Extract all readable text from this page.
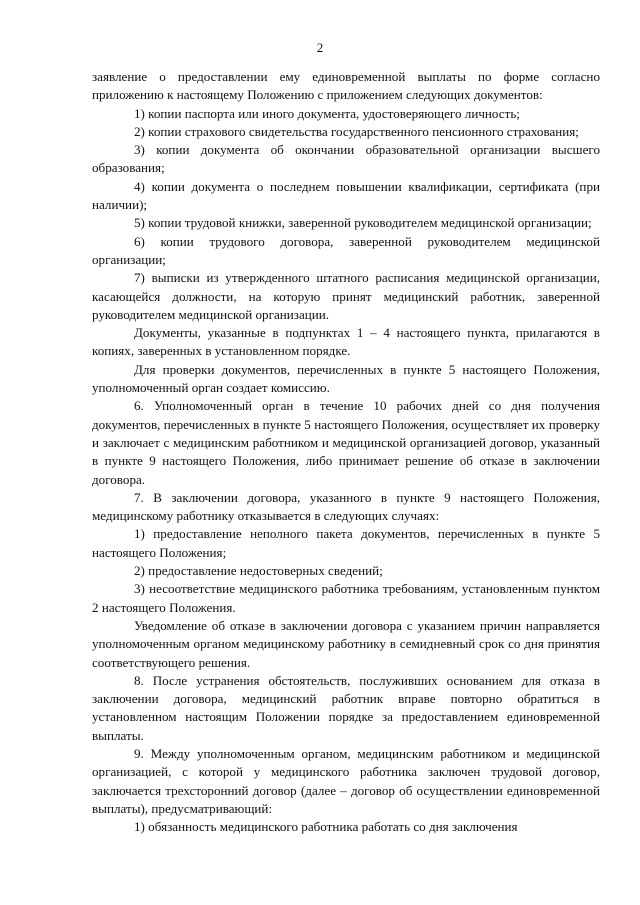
2

заявление о предоставлении ему единовременной выплаты по форме согласно приложению к настоящему Положению с приложением следующих документов:

1) копии паспорта или иного документа, удостоверяющего личность;

2) копии страхового свидетельства государственного пенсионного страхования;

3) копии документа об окончании образовательной организации высшего образования;

4) копии документа о последнем повышении квалификации, сертификата (при наличии);

5) копии трудовой книжки, заверенной руководителем медицинской организации;

6) копии трудового договора, заверенной руководителем медицинской организации;

7) выписки из утвержденного штатного расписания медицинской организации, касающейся должности, на которую принят медицинский работник, заверенной руководителем медицинской организации.

Документы, указанные в подпунктах 1 – 4 настоящего пункта, прилагаются в копиях, заверенных в установленном порядке.

Для проверки документов, перечисленных в пункте 5 настоящего Положения, уполномоченный орган создает комиссию.

6. Уполномоченный орган в течение 10 рабочих дней со дня получения документов, перечисленных в пункте 5 настоящего Положения, осуществляет их проверку и заключает с медицинским работником и медицинской организацией договор, указанный в пункте 9 настоящего Положения, либо принимает решение об отказе в заключении договора.

7. В заключении договора, указанного в пункте 9 настоящего Положения, медицинскому работнику отказывается в следующих случаях:

1) предоставление неполного пакета документов, перечисленных в пункте 5 настоящего Положения;

2) предоставление недостоверных сведений;

3) несоответствие медицинского работника требованиям, установленным пунктом 2 настоящего Положения.

Уведомление об отказе в заключении договора с указанием причин направляется уполномоченным органом медицинскому работнику в семидневный срок со дня принятия соответствующего решения.

8. После устранения обстоятельств, послуживших основанием для отказа в заключении договора, медицинский работник вправе повторно обратиться в установленном настоящим Положении порядке за предоставлением единовременной выплаты.

9. Между уполномоченным органом, медицинским работником и медицинской организацией, с которой у медицинского работника заключен трудовой договор, заключается трехсторонний договор (далее – договор об осуществлении единовременной выплаты), предусматривающий:

1) обязанность медицинского работника работать со дня заключения
